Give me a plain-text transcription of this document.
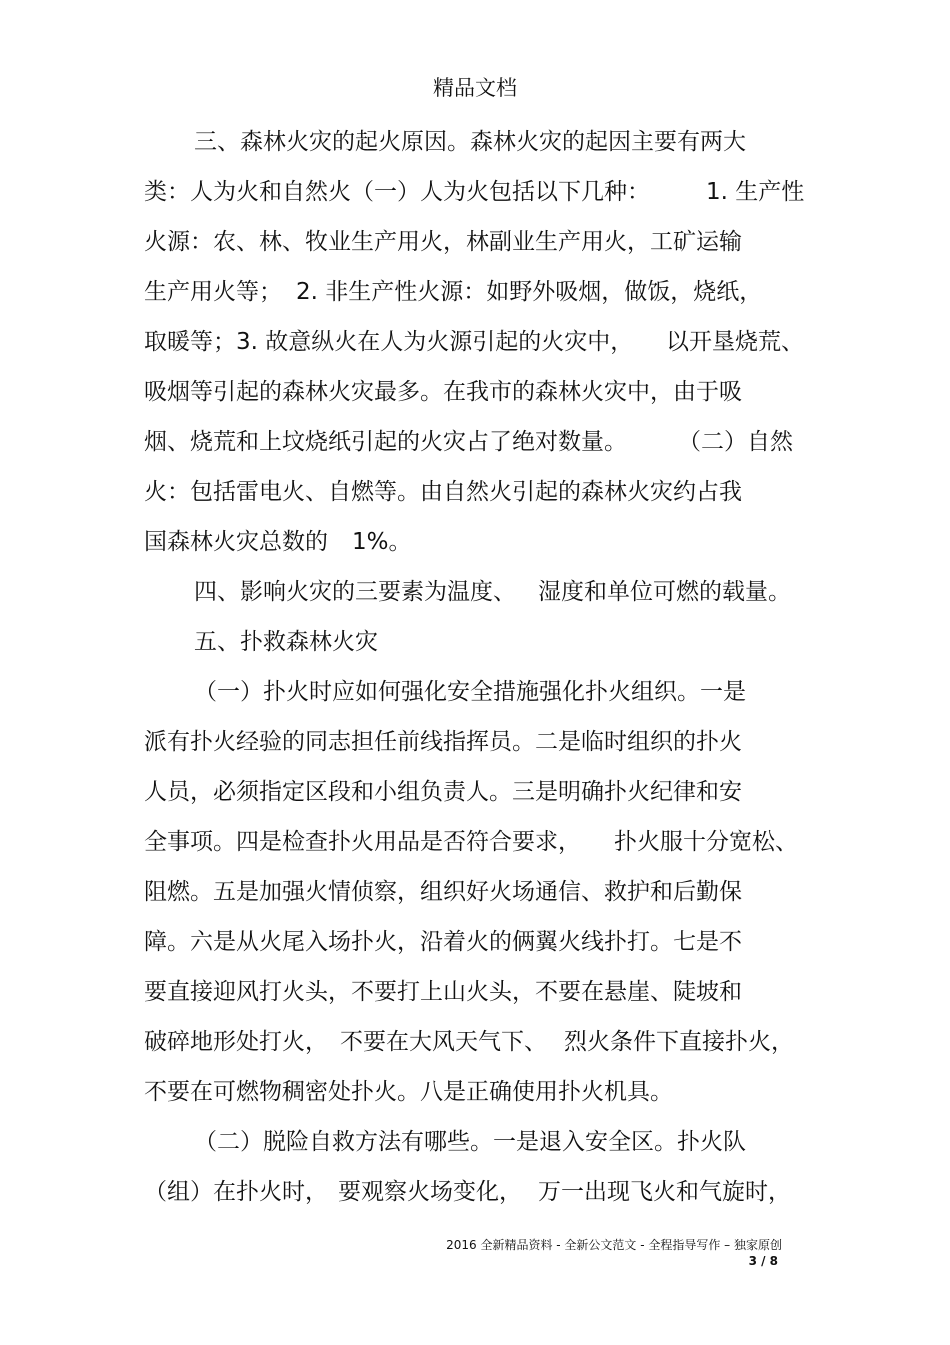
精品文档
三、森林火灾的起火原因。森林火灾的起因主要有两大
类：人为火和自然火（一）人为火包括以下几种： 1. 生产性
火源：农、林、牧业生产用火，林副业生产用火，工矿运输
生产用火等； 2. 非生产性火源：如野外吸烟，做饭，烧纸，
取暖等；3. 故意纵火在人为火源引起的火灾中， 以开垦烧荒、
吸烟等引起的森林火灾最多。在我市的森林火灾中，由于吸
烟、烧荒和上坟烧纸引起的火灾占了绝对数量。 （二）自然
火：包括雷电火、自燃等。由自然火引起的森林火灾约占我
国森林火灾总数的 1%。
四、影响火灾的三要素为温度、 湿度和单位可燃的载量。
五、扑救森林火灾
（一）扑火时应如何强化安全措施强化扑火组织。一是
派有扑火经验的同志担任前线指挥员。二是临时组织的扑火
人员，必须指定区段和小组负责人。三是明确扑火纪律和安
全事项。四是检查扑火用品是否符合要求， 扑火服十分宽松、
阻燃。五是加强火情侦察，组织好火场通信、救护和后勤保
障。六是从火尾入场扑火，沿着火的俩翼火线扑打。七是不
要直接迎风打火头，不要打上山火头，不要在悬崖、陡坡和
破碎地形处打火， 不要在大风天气下、 烈火条件下直接扑火，
不要在可燃物稠密处扑火。八是正确使用扑火机具。
（二）脱险自救方法有哪些。一是退入安全区。扑火队
（组）在扑火时， 要观察火场变化， 万一出现飞火和气旋时，
2016 全新精品资料 - 全新公文范文 - 全程指导写作 – 独家原创
3 / 8
